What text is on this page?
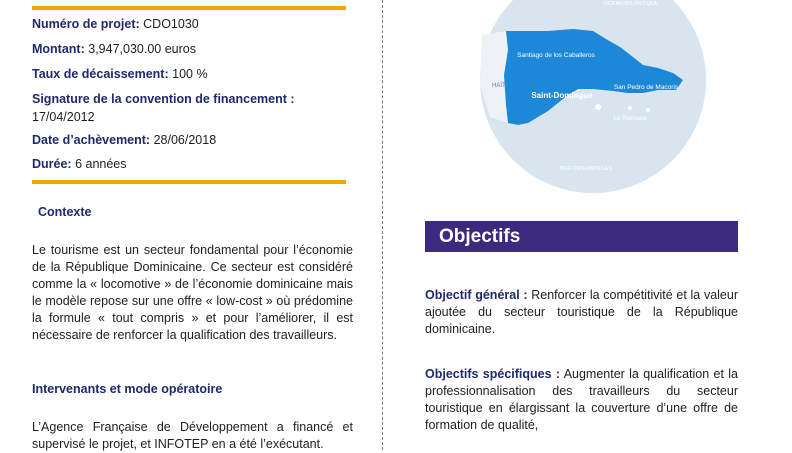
Numéro de projet: CDO1030

Montant: 3,947,030.00 euros

Taux de décaissement: 100 %

Signature de la convention de financement :
17/04/2012

Date d’achèvement: 28/06/2018

Durée: 6 années

Contexte

Le tourisme est un secteur fondamental pour l’économie de la République Dominicaine. Ce secteur est considéré comme la « locomotive » de l’économie dominicaine mais le modèle repose sur une offre « low-cost » où prédomine la formule « tout compris » et pour l’améliorer, il est nécessaire de renforcer la qualification des travailleurs.

Intervenants et mode opératoire

L’Agence Française de Développement a financé et supervisé le projet, et INFOTEP en a été l’exécutant.

OCEAN ATLANTIQUE
HAÏTI
MER DES ANTILLES
Santiago de los Caballeros
Saint-Domingue
San Pedro de Macoris
La Romana
Objectifs

Objectif général : Renforcer la compétitivité et la valeur ajoutée du secteur touristique de la République dominicaine.

Objectifs spécifiques : Augmenter la qualification et la professionnalisation des travailleurs du secteur touristique en élargissant la couverture d’une offre de formation de qualité,
